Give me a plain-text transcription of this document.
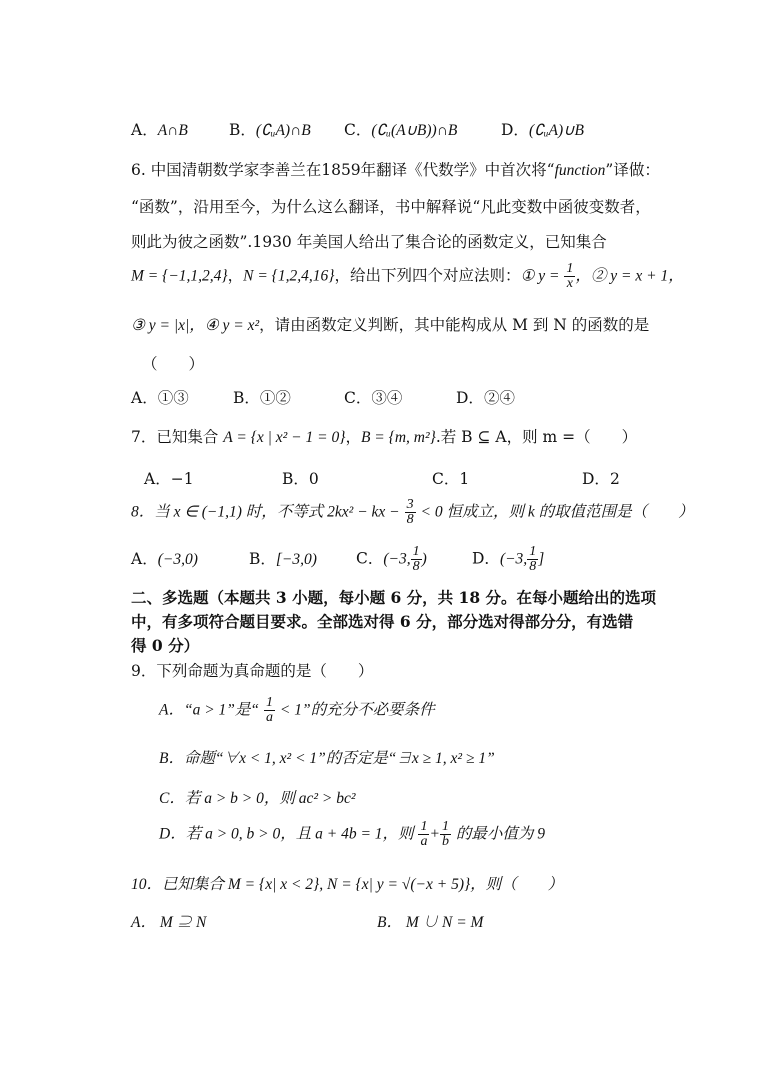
A．A∩B	B．(∁ᵤA)∩B C．(∁ᵤ(A∪B))∩B	D．(∁ᵤA)∪B
6. 中国清朝数学家李善兰在1859年翻译《代数学》中首次将“function”译做：
“函数”，沿用至今，为什么这么翻译，书中解释说“凡此变数中函彼变数者，
则此为彼之函数”.1930 年美国人给出了集合论的函数定义，已知集合
M = {−1,1,2,4}，N = {1,2,4,16}，给出下列四个对应法则：① $y = \frac{1}{x}$ ，② y = x + 1，
③ y = |x|，④ y = x²，请由函数定义判断，其中能构成从 M 到 N 的函数的是
（　　）
A．①③	B．①②	C．③④	D．②④
7．已知集合 A = {x | x² − 1 = 0}，B = {m, m²}.若 B ⊆ A，则 m =（　　）
A．−1	B．0	C．1	D．2
8．当 x ∈ (−1,1) 时，不等式 2kx² − kx − $\frac{3}{8} < 0$ 恒成立，则 k 的取值范围是（　　）
A．(−3,0)	B．[−3,0)	C．(−3, $\frac{1}{8}$ )	D．(−3, $\frac{1}{8}$ ]
二、多选题（本题共 3 小题，每小题 6 分，共 18 分。在每小题给出的选项
中，有多项符合题目要求。全部选对得 6 分，部分选对得部分分，有选错
得 0 分）
9．下列命题为真命题的是（　　）
A．“a > 1”是“ $\frac{1}{a} < 1$”的充分不必要条件
B．命题“∀x < 1, x² < 1”的否定是“∃x ≥ 1, x² ≥ 1”
C．若 a > b > 0，则 ac² > bc²
D．若 a > 0, b > 0，且 a + 4b = 1，则 $\frac{1}{a} + \frac{1}{b}$ 的最小值为 9
10．已知集合 M = {x| x < 2}, N = {x| y = √(−x + 5)}，则（　　）
A． M ⊇ N	B． M ∪ N = M
